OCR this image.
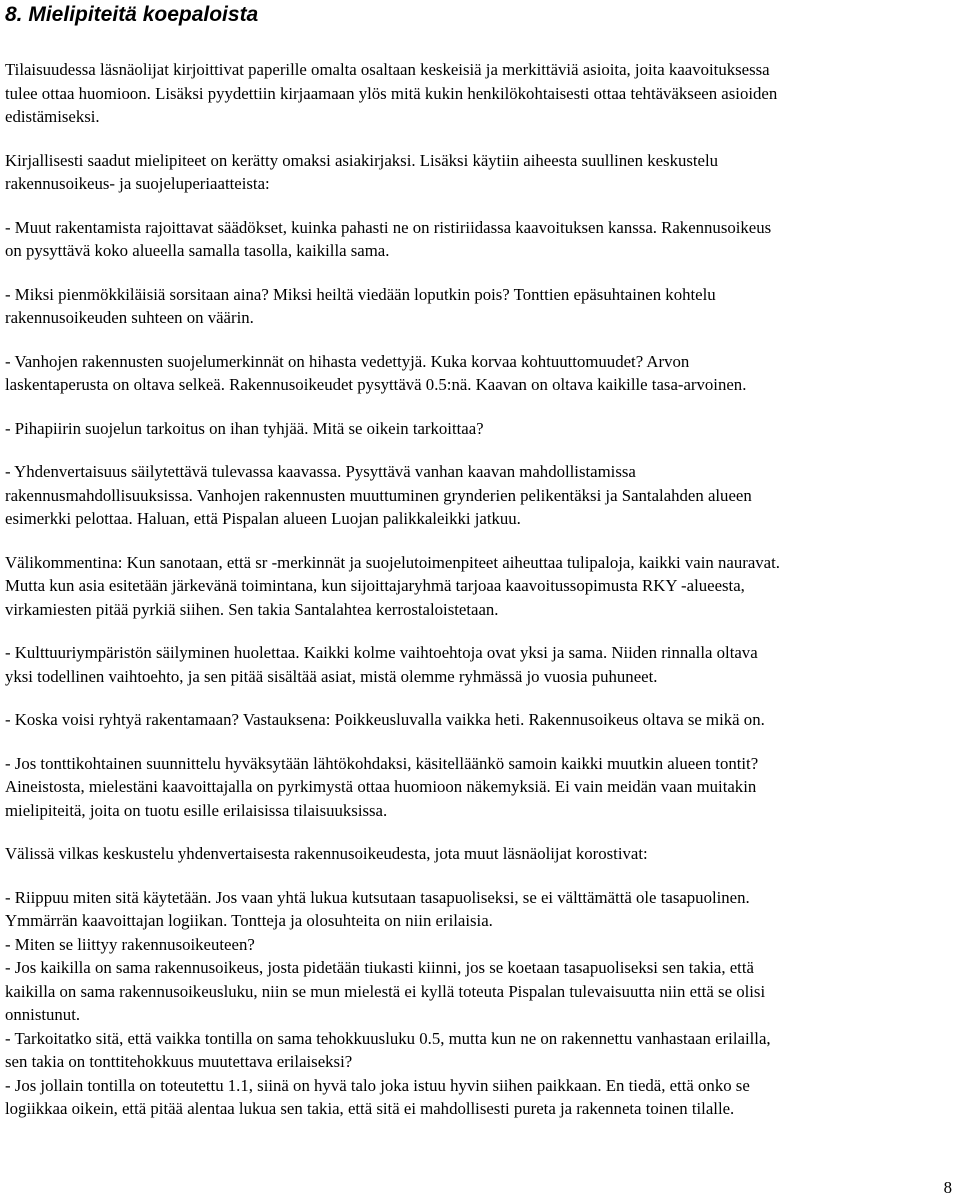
8. Mielipiteitä koepaloista

Tilaisuudessa läsnäolijat kirjoittivat paperille omalta osaltaan keskeisiä ja merkittäviä asioita, joita kaavoituksessa
tulee ottaa huomioon. Lisäksi pyydettiin kirjaamaan ylös mitä kukin henkilökohtaisesti ottaa tehtäväkseen asioiden
edistämiseksi.

Kirjallisesti saadut mielipiteet on kerätty omaksi asiakirjaksi. Lisäksi käytiin aiheesta suullinen keskustelu
rakennusoikeus- ja suojeluperiaatteista:

- Muut rakentamista rajoittavat säädökset, kuinka pahasti ne on ristiriidassa kaavoituksen kanssa. Rakennusoikeus
on pysyttävä koko alueella samalla tasolla, kaikilla sama.

- Miksi pienmökkiläisiä sorsitaan aina? Miksi heiltä viedään loputkin pois? Tonttien epäsuhtainen kohtelu
rakennusoikeuden suhteen on väärin.

- Vanhojen rakennusten suojelumerkinnät on hihasta vedettyjä. Kuka korvaa kohtuuttomuudet? Arvon
laskentaperusta on oltava selkeä. Rakennusoikeudet pysyttävä 0.5:nä. Kaavan on oltava kaikille tasa-arvoinen.

- Pihapiirin suojelun tarkoitus on ihan tyhjää. Mitä se oikein tarkoittaa?

- Yhdenvertaisuus säilytettävä tulevassa kaavassa. Pysyttävä vanhan kaavan mahdollistamissa
rakennusmahdollisuuksissa. Vanhojen rakennusten muuttuminen grynderien pelikentäksi ja Santalahden alueen
esimerkki pelottaa. Haluan, että Pispalan alueen Luojan palikkaleikki jatkuu.

Välikommentina: Kun sanotaan, että sr -merkinnät ja suojelutoimenpiteet aiheuttaa tulipaloja, kaikki vain nauravat.
Mutta kun asia esitetään järkevänä toimintana, kun sijoittajaryhmä tarjoaa kaavoitussopimusta RKY -alueesta,
virkamiesten pitää pyrkiä siihen. Sen takia Santalahtea kerrostaloistetaan.

- Kulttuuriympäristön säilyminen huolettaa. Kaikki kolme vaihtoehtoja ovat yksi ja sama. Niiden rinnalla oltava
yksi todellinen vaihtoehto, ja sen pitää sisältää asiat, mistä olemme ryhmässä jo vuosia puhuneet.

- Koska voisi ryhtyä rakentamaan? Vastauksena: Poikkeusluvalla vaikka heti. Rakennusoikeus oltava se mikä on.

- Jos tonttikohtainen suunnittelu hyväksytään lähtökohdaksi, käsitelläänkö samoin kaikki muutkin alueen tontit?
Aineistosta, mielestäni kaavoittajalla on pyrkimystä ottaa huomioon näkemyksiä. Ei vain meidän vaan muitakin
mielipiteitä, joita on tuotu esille erilaisissa tilaisuuksissa.

Välissä vilkas keskustelu yhdenvertaisesta rakennusoikeudesta, jota muut läsnäolijat korostivat:

- Riippuu miten sitä käytetään. Jos vaan yhtä lukua kutsutaan tasapuoliseksi, se ei välttämättä ole tasapuolinen.
Ymmärrän kaavoittajan logiikan. Tontteja ja olosuhteita on niin erilaisia.

- Miten se liittyy rakennusoikeuteen?

- Jos kaikilla on sama rakennusoikeus, josta pidetään tiukasti kiinni, jos se koetaan tasapuoliseksi sen takia, että
kaikilla on sama rakennusoikeusluku, niin se mun mielestä ei kyllä toteuta Pispalan tulevaisuutta niin että se olisi
onnistunut.

- Tarkoitatko sitä, että vaikka tontilla on sama tehokkuusluku 0.5, mutta kun ne on rakennettu vanhastaan erilailla,
sen takia on tonttitehokkuus muutettava erilaiseksi?

- Jos jollain tontilla on toteutettu 1.1, siinä on hyvä talo joka istuu hyvin siihen paikkaan. En tiedä, että onko se
logiikkaa oikein, että pitää alentaa lukua sen takia, että sitä ei mahdollisesti pureta ja rakenneta toinen tilalle.

8
